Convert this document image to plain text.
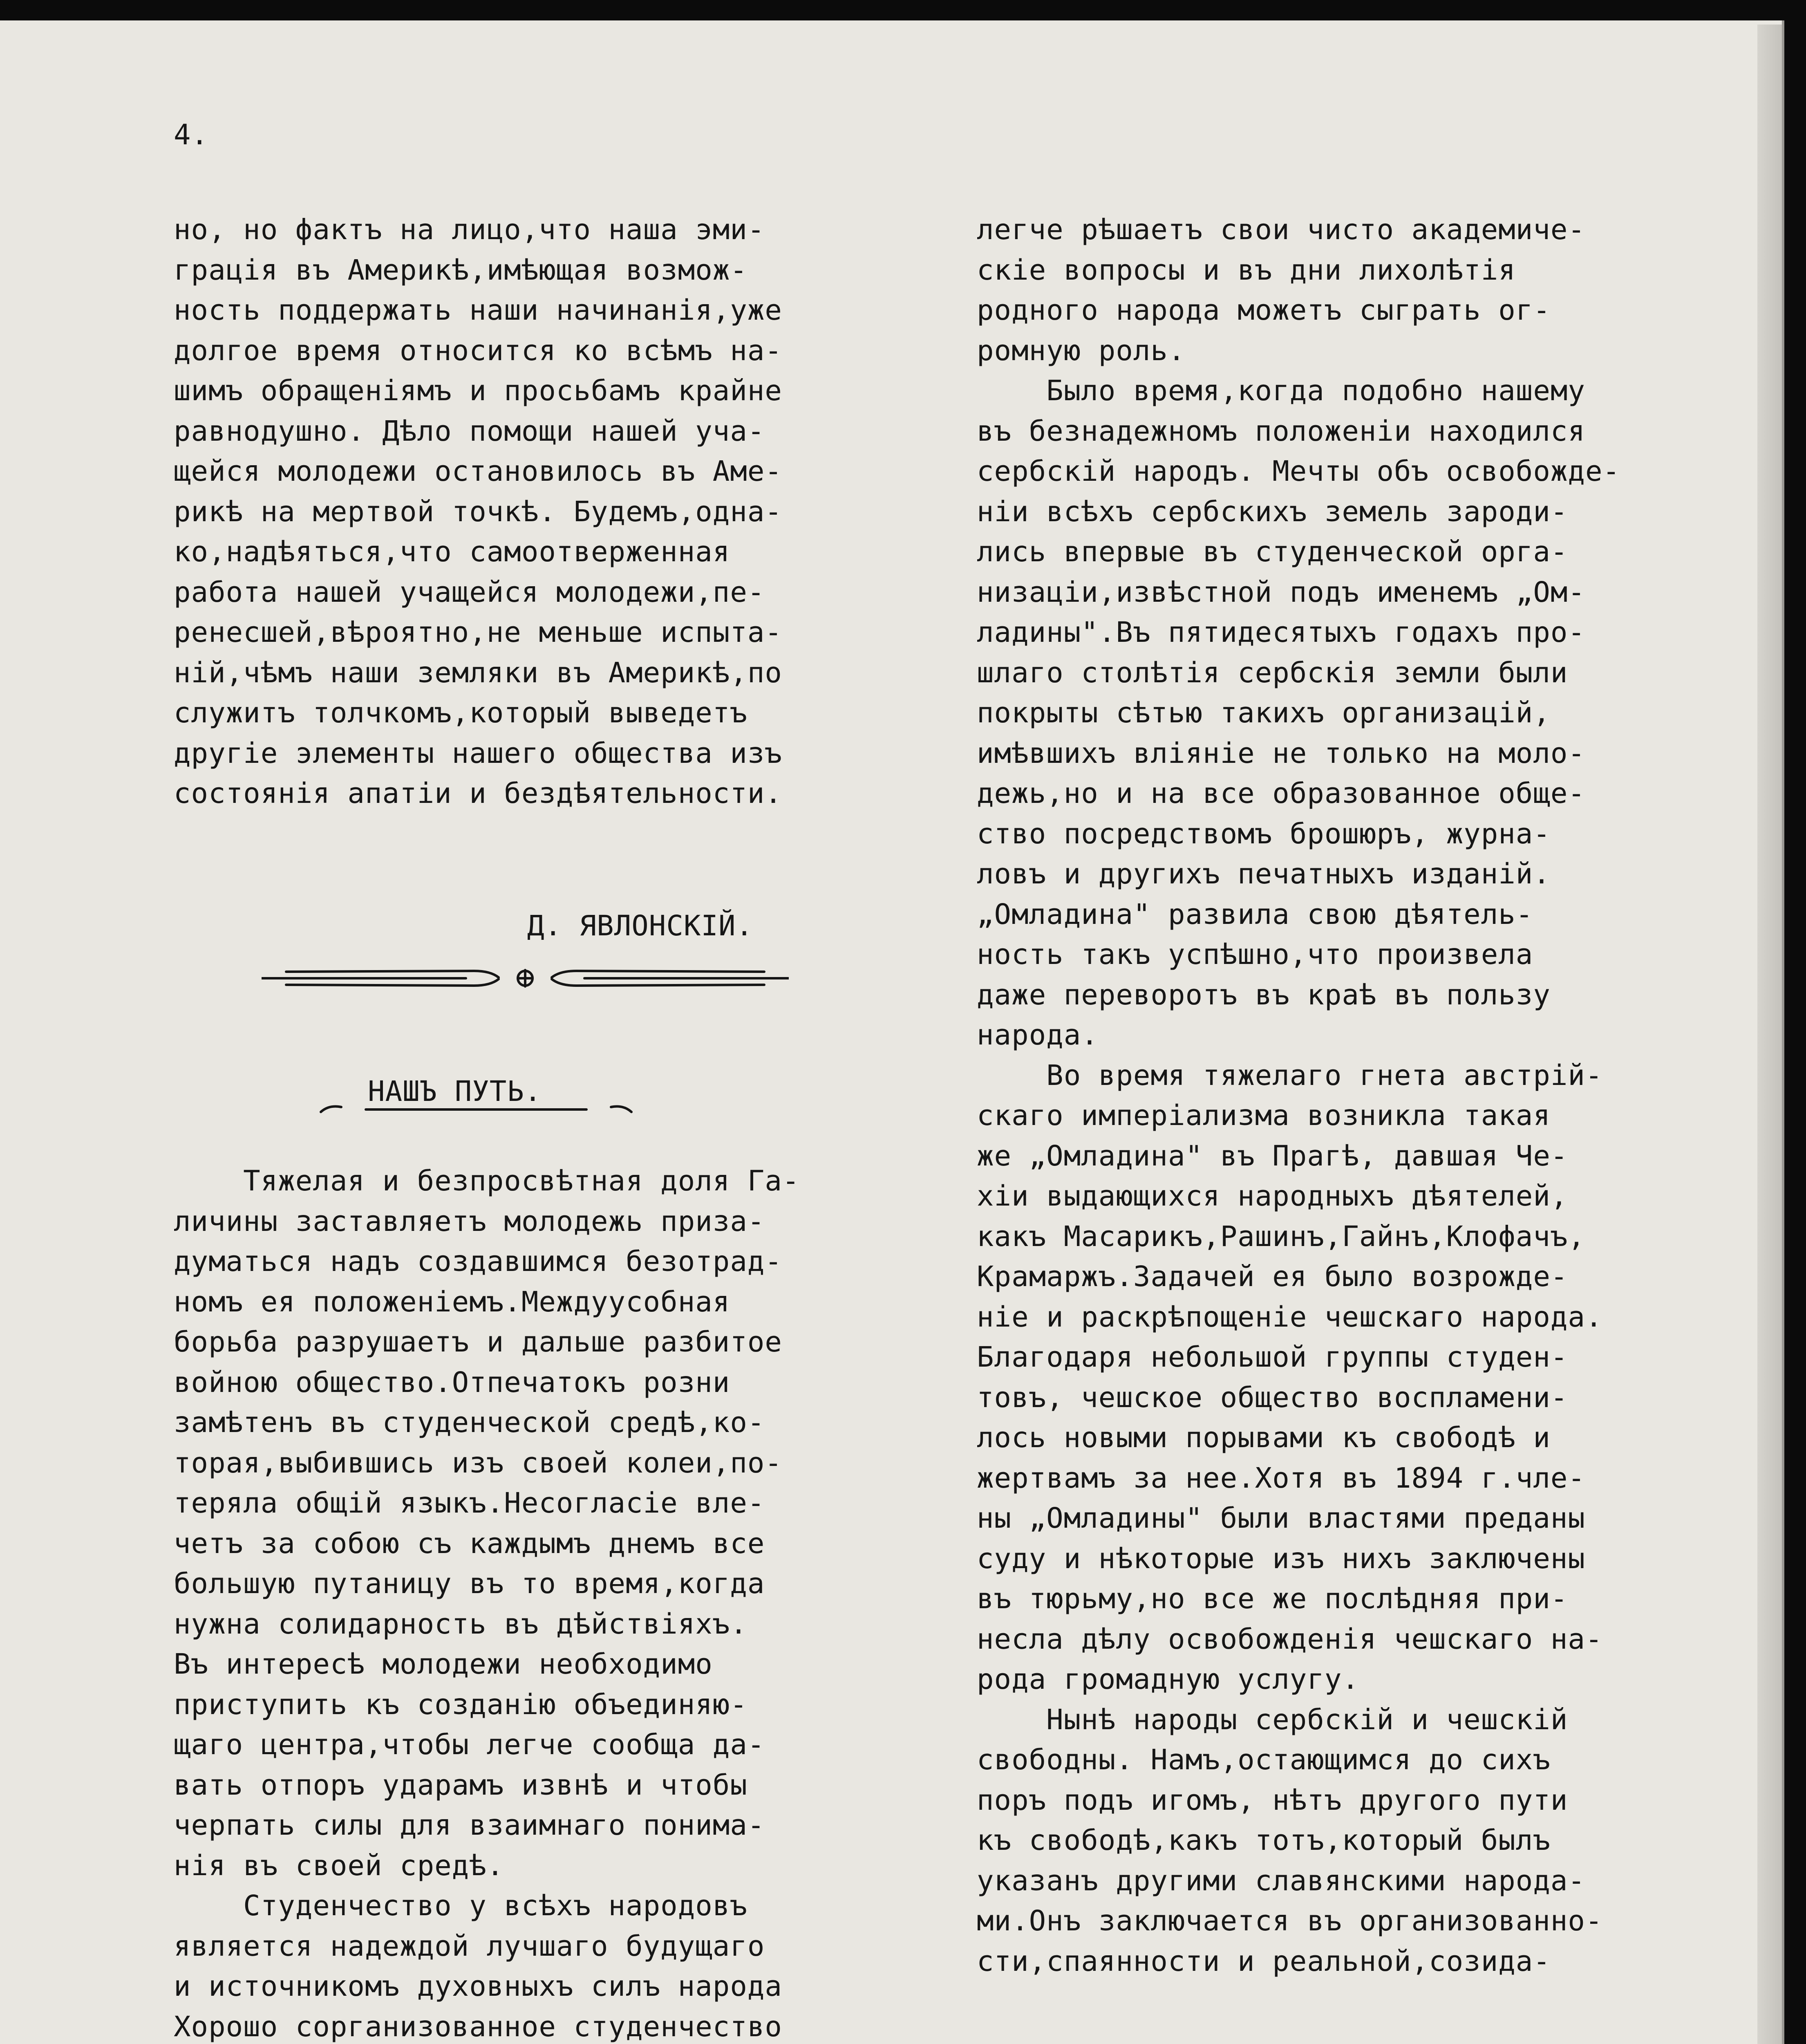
4.
но, но фактъ на лицо,что наша эми-
грація въ Америкѣ,имѣющая возмож-
ность поддержать наши начинанія,уже
долгое время относится ко всѣмъ на-
шимъ обращеніямъ и просьбамъ крайне
равнодушно. Дѣло помощи нашей уча-
щейся молодежи остановилось въ Аме-
рикѣ на мертвой точкѣ. Будемъ,одна-
ко,надѣяться,что самоотверженная
работа нашей учащейся молодежи,пе-
ренесшей,вѣроятно,не меньше испыта-
ній,чѣмъ наши земляки въ Америкѣ,по
служитъ толчкомъ,который выведетъ
другіе элементы нашего общества изъ
состоянія апатіи и бездѣятельности.
Д. ЯВЛОНСКІЙ.
НАШЪ ПУТЬ.
Тяжелая и безпросвѣтная доля Га-
личины заставляетъ молодежь приза-
думаться надъ создавшимся безотрад-
номъ ея положеніемъ.Междуусобная
борьба разрушаетъ и дальше разбитое
войною общество.Отпечатокъ розни
замѣтенъ въ студенческой средѣ,ко-
торая,выбившись изъ своей колеи,по-
теряла общій языкъ.Несогласіе вле-
четъ за собою съ каждымъ днемъ все
большую путаницу въ то время,когда
нужна солидарность въ дѣйствіяхъ.
Въ интересѣ молодежи необходимо
приступить къ созданію объединяю-
щаго центра,чтобы легче сообща да-
вать отпоръ ударамъ извнѣ и чтобы
черпать силы для взаимнаго понима-
нія въ своей средѣ.
Студенчество у всѣхъ народовъ
является надеждой лучшаго будущаго
и источникомъ духовныхъ силъ народа
Хорошо сорганизованное студенчество
легче рѣшаетъ свои чисто академиче-
скіе вопросы и въ дни лихолѣтія
родного народа можетъ сыграть ог-
ромную роль.
Было время,когда подобно нашему
въ безнадежномъ положеніи находился
сербскій народъ. Мечты объ освобожде-
ніи всѣхъ сербскихъ земель зароди-
лись впервые въ студенческой орга-
низаціи,извѣстной подъ именемъ „Ом-
ладины".Въ пятидесятыхъ годахъ про-
шлаго столѣтія сербскія земли были
покрыты сѣтью такихъ организацій,
имѣвшихъ вліяніе не только на моло-
дежь,но и на все образованное обще-
ство посредствомъ брошюръ, журна-
ловъ и другихъ печатныхъ изданій.
„Омладина" развила свою дѣятель-
ность такъ успѣшно,что произвела
даже переворотъ въ краѣ въ пользу
народа.
Во время тяжелаго гнета австрій-
скаго имперіализма возникла такая
же „Омладина" въ Прагѣ, давшая Че-
хіи выдающихся народныхъ дѣятелей,
какъ Масарикъ,Рашинъ,Гайнъ,Клофачъ,
Крамаржъ.Задачей ея было возрожде-
ніе и раскрѣпощеніе чешскаго народа.
Благодаря небольшой группы студен-
товъ, чешское общество воспламени-
лось новыми порывами къ свободѣ и
жертвамъ за нее.Хотя въ 1894 г.чле-
ны „Омладины" были властями преданы
суду и нѣкоторые изъ нихъ заключены
въ тюрьму,но все же послѣдняя при-
несла дѣлу освобожденія чешскаго на-
рода громадную услугу.
Нынѣ народы сербскій и чешскій
свободны. Намъ,остающимся до сихъ
поръ подъ игомъ, нѣтъ другого пути
къ свободѣ,какъ тотъ,который былъ
указанъ другими славянскими народа-
ми.Онъ заключается въ организованно-
сти,спаянности и реальной,созида-
